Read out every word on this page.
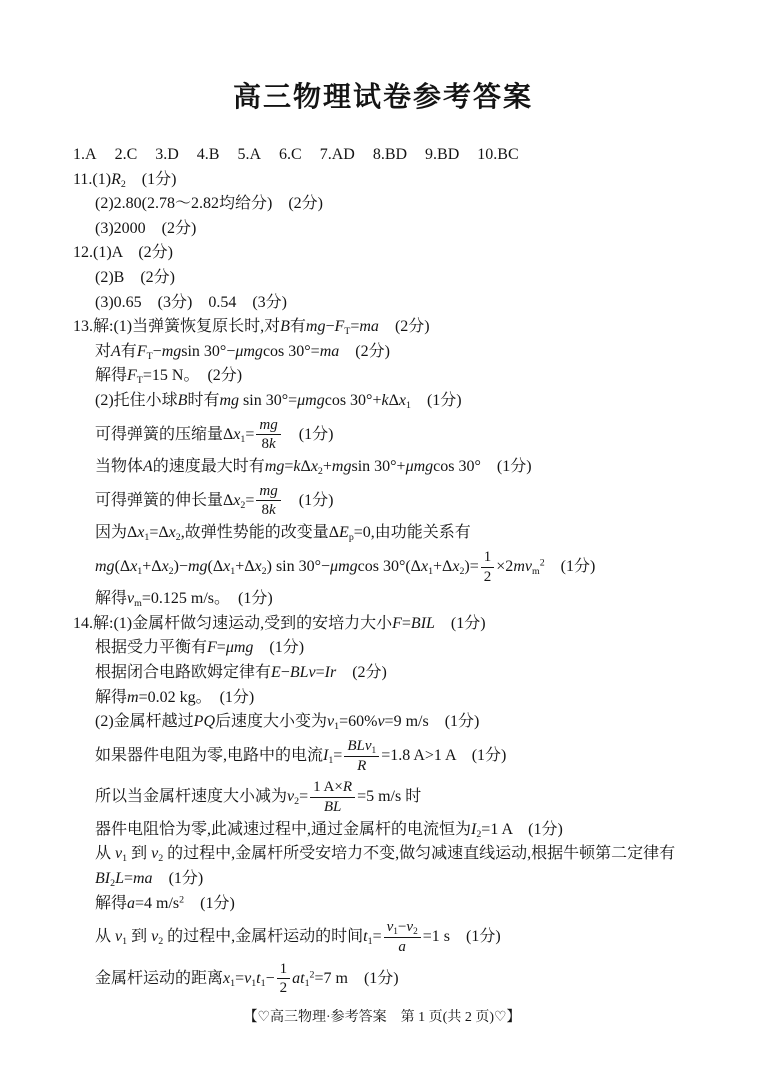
高三物理试卷参考答案
1.A 2.C 3.D 4.B 5.A 6.C 7.AD 8.BD 9.BD 10.BC
11.(1)R2　(1分)
(2)2.80(2.78～2.82均给分)　(2分)
(3)2000　(2分)
12.(1)A　(2分)
(2)B　(2分)
(3)0.65　(3分)　0.54　(3分)
13.解:(1)当弹簧恢复原长时,对B有mg−FT=ma　(2分)
对A有FT−mgsin 30°−μmgcos 30°=ma　(2分)
解得FT=15 N。　(2分)
(2)托住小球B时有mg sin 30°=μmgcos 30°+kΔx1　(1分)
可得弹簧的压缩量$\Delta x1= \frac{mg}{8k}$ 　(1分)
当物体A的速度最大时有mg=kΔx2+mgsin 30°+μmgcos 30°　(1分)
可得弹簧的伸长量$\Delta x2= \frac{mg}{8k}$ 　(1分)
因为Δx1=Δx2,故弹性势能的改变量ΔEp=0,由功能关系有
mg(Δx1+Δx2)−mg(Δx1+Δx2) sin 30°−μmgcos $30^\circ(\Delta x1+\Delta x2)= \frac{1}{2} \times 2mvm^2$　(1分)
解得vm=0.125 m/s。　(1分)
14.解:(1)金属杆做匀速运动,受到的安培力大小F=BIL　(1分)
根据受力平衡有F=μmg　(1分)
根据闭合电路欧姆定律有E−BLv=Ir　(2分)
解得m=0.02 kg。　(1分)
(2)金属杆越过PQ后速度大小变为v1=60%v=9 m/s　(1分)
如果器件电阻为零,电路中的电流$I1= \frac{\text{BLv1}}{R} =1.8$ A>1 A　(1分)
所以当金属杆速度大小减为$v2= \frac{1 A\times R}{BL} =5$ m/s 时
器件电阻恰为零,此减速过程中,通过金属杆的电流恒为I2=1 A　(1分)
从 v1 到 v2 的过程中,金属杆所受安培力不变,做匀减速直线运动,根据牛顿第二定律有
BI2L=ma　(1分)
解得a=4 $m/s^2$　(1分)
从 v1 到 v2 的过程中,金属杆运动的时间$t1= \frac{v1-v2}{a} =1$ s　(1分)
金属杆运动的距离$x1=v1t1- \frac{1}{2} at1^2=7$ m　(1分)
【♡高三物理·参考答案　第 1 页(共 2 页)♡】
